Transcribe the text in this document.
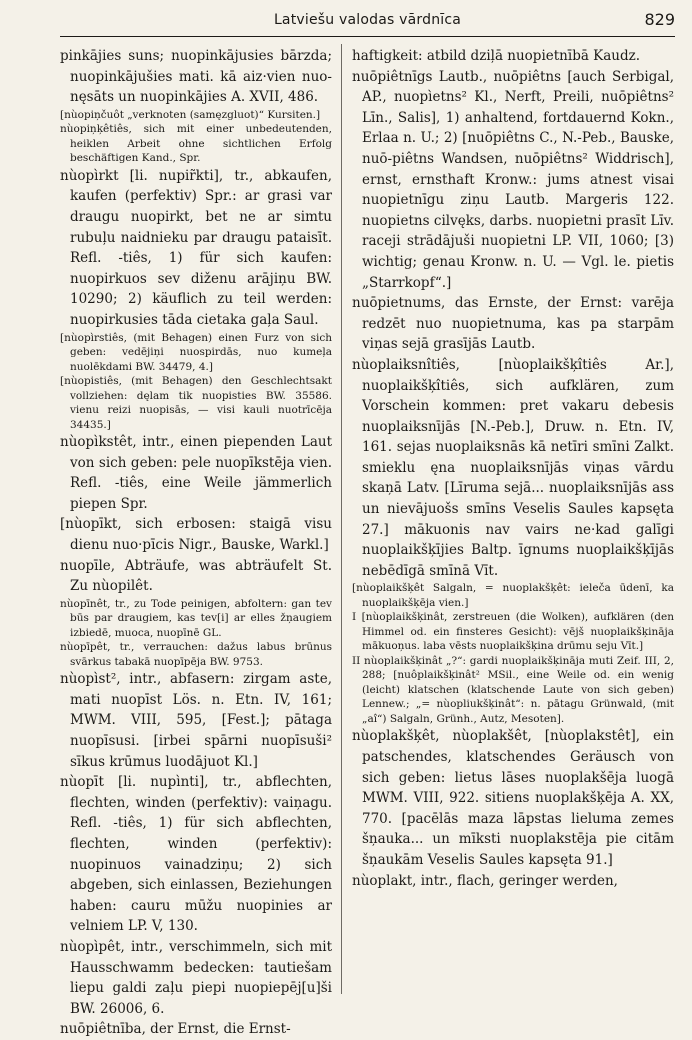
Latviešu valodas vārdnīca	829

pinkājies suns; nuopinkājusies bārzda; nuopinkājušies mati. kā aiz·vien nuo-nęsāts un nuopinkājies A. XVII, 486.

[nùopiņčuôt „verknoten (samęzgluot)“ Kursiten.]

nùopiņķêtiês, sich mit einer unbedeutenden, heiklen Arbeit ohne sichtlichen Erfolg beschäftigen Kand., Spr.

nùopìrkt [li. nupir̃kti], tr., abkaufen, kaufen (perfektiv) Spr.: ar grasi var draugu nuopirkt, bet ne ar simtu rubuļu naidnieku par draugu pataisīt. Refl. -tiês, 1) für sich kaufen: nuopirkuos sev diženu arājiņu BW. 10290; 2) käuflich zu teil werden: nuopirkusies tāda cietaka gaļa Saul.

[nùopìrstiês, (mit Behagen) einen Furz von sich geben: vedējiņi nuospirdās, nuo kumeļa nuolēkdami BW. 34479, 4.]

[nùopistiês, (mit Behagen) den Geschlechtsakt vollziehen: dęlam tik nuopisties BW. 35586. vienu reizi nuopisās, — visi kauli nuotrīcēja 34435.]

nùopìkstêt, intr., einen piependen Laut von sich geben: pele nuopīkstēja vien. Refl. -tiês, eine Weile jämmerlich piepen Spr.

[nùopīkt, sich erbosen: staigā visu dienu nuo·pīcis Nigr., Bauske, Warkl.]

nuopīle, Abträufe, was abträufelt St. Zu nùopilêt.

nùopīnêt, tr., zu Tode peinigen, abfoltern: gan tev būs par draugiem, kas tev[i] ar elles žņaugiem izbiedē, muoca, nuopīnē GL.

nùopīpêt, tr., verrauchen: dažus labus brūnus svārkus tabakā nuopīpēja BW. 9753.

nùopìst², intr., abfasern: zirgam aste, mati nuopīst Lös. n. Etn. IV, 161; MWM. VIII, 595, [Fest.]; pātaga nuopīsusi. [irbei spārni nuopīsuši² sīkus krūmus luodājuot Kl.]

nùopīt [li. nupìnti], tr., abflechten, flechten, winden (perfektiv): vaiņagu. Refl. -tiês, 1) für sich abflechten, flechten, winden (perfektiv): nuopinuos vainadziņu; 2) sich abgeben, sich einlassen, Beziehungen haben: cauru mūžu nuopinies ar velniem LP. V, 130.

nùopìpêt, intr., verschimmeln, sich mit Hausschwamm bedecken: tautiešam liepu galdi zaļu piepi nuopiepēj[u]ši BW. 26006, 6.

nuōpiêtnība, der Ernst, die Ernst-

haftigkeit: atbild dziļā nuopietnībā Kaudz.

nuōpiêtnīgs Lautb., nuōpiêtns [auch Serbigal, AP., nuopìetns² Kl., Nerft, Preili, nuōpiêtns² Līn., Salis], 1) anhaltend, fortdauernd Kokn., Erlaa n. U.; 2) [nuōpiêtns C., N.-Peb., Bauske, nuō-piêtns Wandsen, nuōpiêtns² Widdrisch], ernst, ernsthaft Kronw.: jums atnest visai nuopietnīgu ziņu Lautb. Margeris 122. nuopietns cilvęks, darbs. nuopietni prasīt Līv. raceji strādājuši nuopietni LP. VII, 1060; [3) wichtig; genau Kronw. n. U. — Vgl. le. pietis „Starrkopf“.]

nuōpietnums, das Ernste, der Ernst: varēja redzēt nuo nuopietnuma, kas pa starpām viņas sejā grasījās Lautb.

nùoplaiksnîtiês, [nùoplaikšķîtiês Ar.], nuoplaikšķîtiês, sich aufklären, zum Vorschein kommen: pret vakaru debesis nuoplaiksnījās [N.-Peb.], Druw. n. Etn. IV, 161. sejas nuoplaiksnās kā netīri smīni Zalkt. smieklu ęna nuoplaiksnījās viņas vārdu skaņā Latv. [Līruma sejā... nuoplaiksnījās ass un nievājuošs smīns Veselis Saules kapsęta 27.] mākuonis nav vairs ne·kad galīgi nuoplaikšķījies Baltp. īgnums nuoplaikšķījās nebēdīgā smīnā Vīt.

[nùoplaikšķêt Salgaln, = nuoplakšķêt: ieleča ūdenī, ka nuoplaikšķēja vien.]

I [nùoplaikšķinât, zerstreuen (die Wolken), aufklären (den Himmel od. ein finsteres Gesicht): vējš nuoplaikšķināja mākuoņus. laba vēsts nuoplaikšķina drūmu seju Vīt.]

II nùoplaikšķinât „?“: gardi nuoplaikšķināja muti Zeif. III, 2, 288; [nuôplaikšķinât² MSil., eine Weile od. ein wenig (leicht) klatschen (klatschende Laute von sich geben) Lennew.; „= nùopliukšķinât“: n. pātagu Grünwald, (mit „aî“) Salgaln, Grünh., Autz, Mesoten].

nùoplakšķêt, nùoplakšêt, [nùoplakstêt], ein patschendes, klatschendes Geräusch von sich geben: lietus lāses nuoplakšēja luogā MWM. VIII, 922. sitiens nuoplakšķēja A. XX, 770. [pacēlās maza lāpstas lieluma zemes šņauka... un mīksti nuoplakstēja pie citām šņaukām Veselis Saules kapsęta 91.]

nùoplakt, intr., flach, geringer werden,
